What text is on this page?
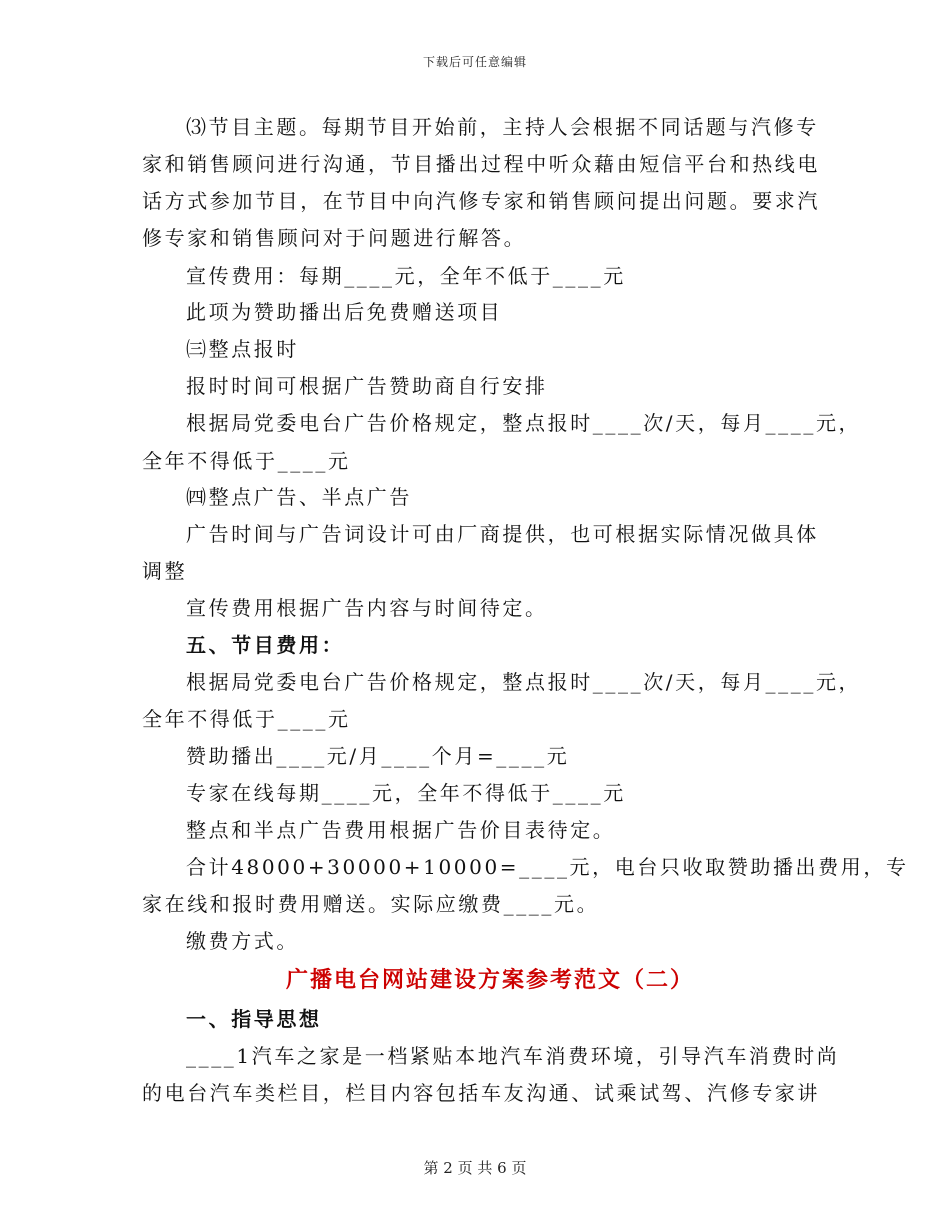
下载后可任意编辑
⑶节目主题。每期节目开始前，主持人会根据不同话题与汽修专
家和销售顾问进行沟通，节目播出过程中听众藉由短信平台和热线电
话方式参加节目，在节目中向汽修专家和销售顾问提出问题。要求汽
修专家和销售顾问对于问题进行解答。
宣传费用：每期____元，全年不低于____元
此项为赞助播出后免费赠送项目
㈢整点报时
报时时间可根据广告赞助商自行安排
根据局党委电台广告价格规定，整点报时____次/天，每月____元，
全年不得低于____元
㈣整点广告、半点广告
广告时间与广告词设计可由厂商提供，也可根据实际情况做具体
调整
宣传费用根据广告内容与时间待定。
五、节目费用：
根据局党委电台广告价格规定，整点报时____次/天，每月____元，
全年不得低于____元
赞助播出____元/月____个月=____元
专家在线每期____元，全年不得低于____元
整点和半点广告费用根据广告价目表待定。
合计48000+30000+10000=____元，电台只收取赞助播出费用，专
家在线和报时费用赠送。实际应缴费____元。
缴费方式。
广播电台网站建设方案参考范文（二）
一、指导思想
____1汽车之家是一档紧贴本地汽车消费环境，引导汽车消费时尚
的电台汽车类栏目，栏目内容包括车友沟通、试乘试驾、汽修专家讲
第 2 页 共 6 页
